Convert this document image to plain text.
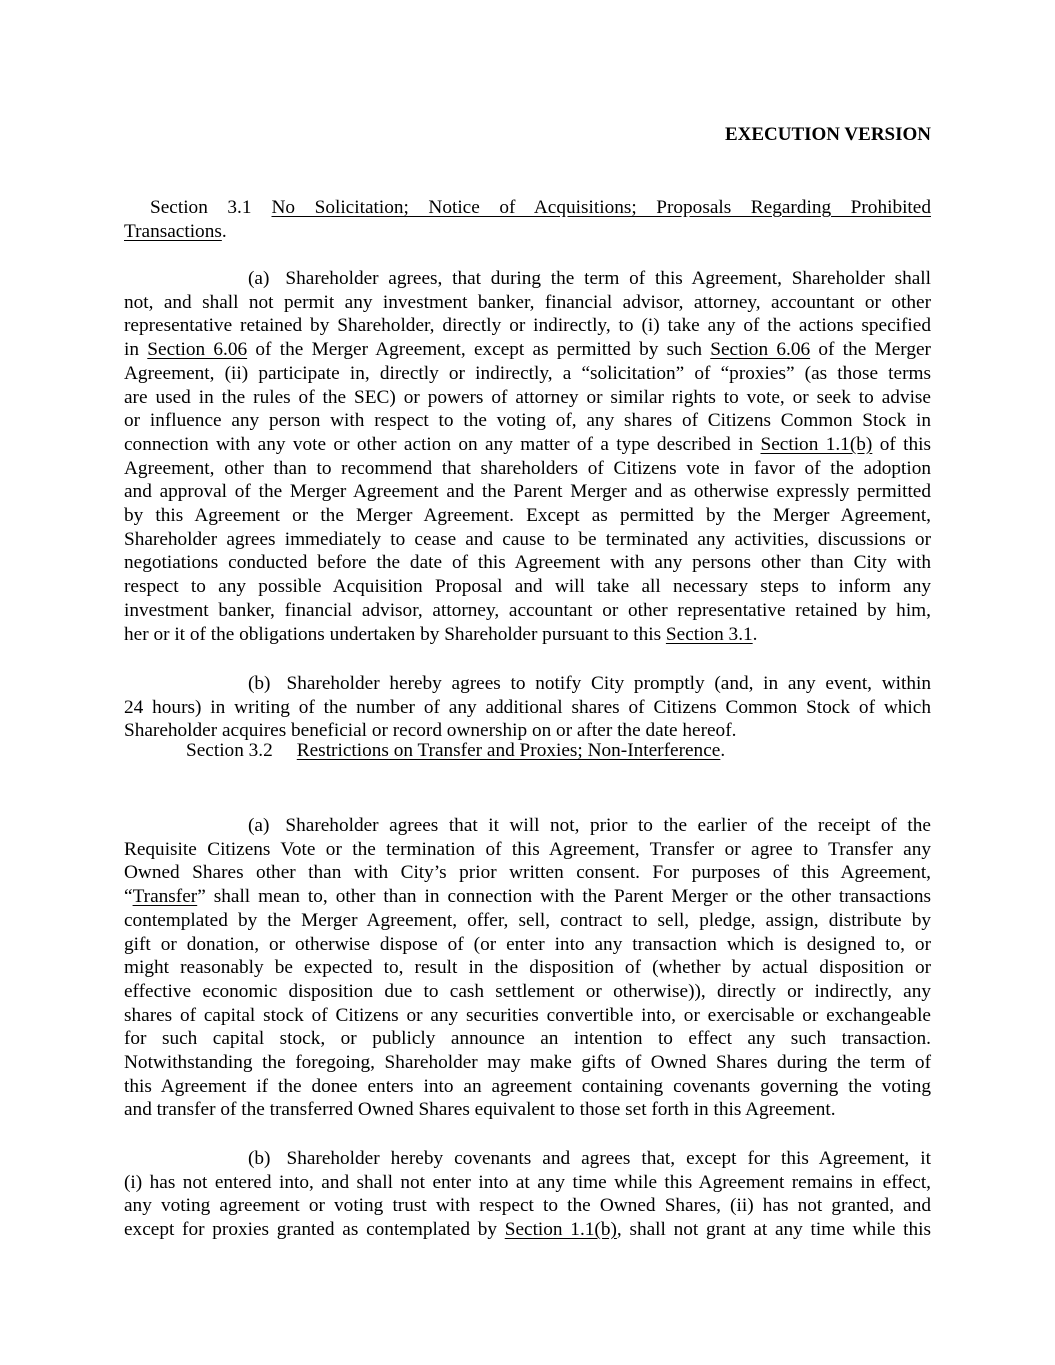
EXECUTION VERSION
Section 3.1 No Solicitation; Notice of Acquisitions; Proposals Regarding Prohibited
Transactions.
(a) Shareholder agrees, that during the term of this Agreement, Shareholder shall
not, and shall not permit any investment banker, financial advisor, attorney, accountant or other
representative retained by Shareholder, directly or indirectly, to (i) take any of the actions specified
in Section 6.06 of the Merger Agreement, except as permitted by such Section 6.06 of the Merger
Agreement, (ii) participate in, directly or indirectly, a “solicitation” of “proxies” (as those terms
are used in the rules of the SEC) or powers of attorney or similar rights to vote, or seek to advise
or influence any person with respect to the voting of, any shares of Citizens Common Stock in
connection with any vote or other action on any matter of a type described in Section 1.1(b) of this
Agreement, other than to recommend that shareholders of Citizens vote in favor of the adoption
and approval of the Merger Agreement and the Parent Merger and as otherwise expressly permitted
by this Agreement or the Merger Agreement. Except as permitted by the Merger Agreement,
Shareholder agrees immediately to cease and cause to be terminated any activities, discussions or
negotiations conducted before the date of this Agreement with any persons other than City with
respect to any possible Acquisition Proposal and will take all necessary steps to inform any
investment banker, financial advisor, attorney, accountant or other representative retained by him,
her or it of the obligations undertaken by Shareholder pursuant to this Section 3.1.
(b) Shareholder hereby agrees to notify City promptly (and, in any event, within
24 hours) in writing of the number of any additional shares of Citizens Common Stock of which
Shareholder acquires beneficial or record ownership on or after the date hereof.
Section 3.2 Restrictions on Transfer and Proxies; Non-Interference.
(a) Shareholder agrees that it will not, prior to the earlier of the receipt of the
Requisite Citizens Vote or the termination of this Agreement, Transfer or agree to Transfer any
Owned Shares other than with City’s prior written consent. For purposes of this Agreement,
“Transfer” shall mean to, other than in connection with the Parent Merger or the other transactions
contemplated by the Merger Agreement, offer, sell, contract to sell, pledge, assign, distribute by
gift or donation, or otherwise dispose of (or enter into any transaction which is designed to, or
might reasonably be expected to, result in the disposition of (whether by actual disposition or
effective economic disposition due to cash settlement or otherwise)), directly or indirectly, any
shares of capital stock of Citizens or any securities convertible into, or exercisable or exchangeable
for such capital stock, or publicly announce an intention to effect any such transaction.
Notwithstanding the foregoing, Shareholder may make gifts of Owned Shares during the term of
this Agreement if the donee enters into an agreement containing covenants governing the voting
and transfer of the transferred Owned Shares equivalent to those set forth in this Agreement.
(b) Shareholder hereby covenants and agrees that, except for this Agreement, it
(i) has not entered into, and shall not enter into at any time while this Agreement remains in effect,
any voting agreement or voting trust with respect to the Owned Shares, (ii) has not granted, and
except for proxies granted as contemplated by Section 1.1(b), shall not grant at any time while this
